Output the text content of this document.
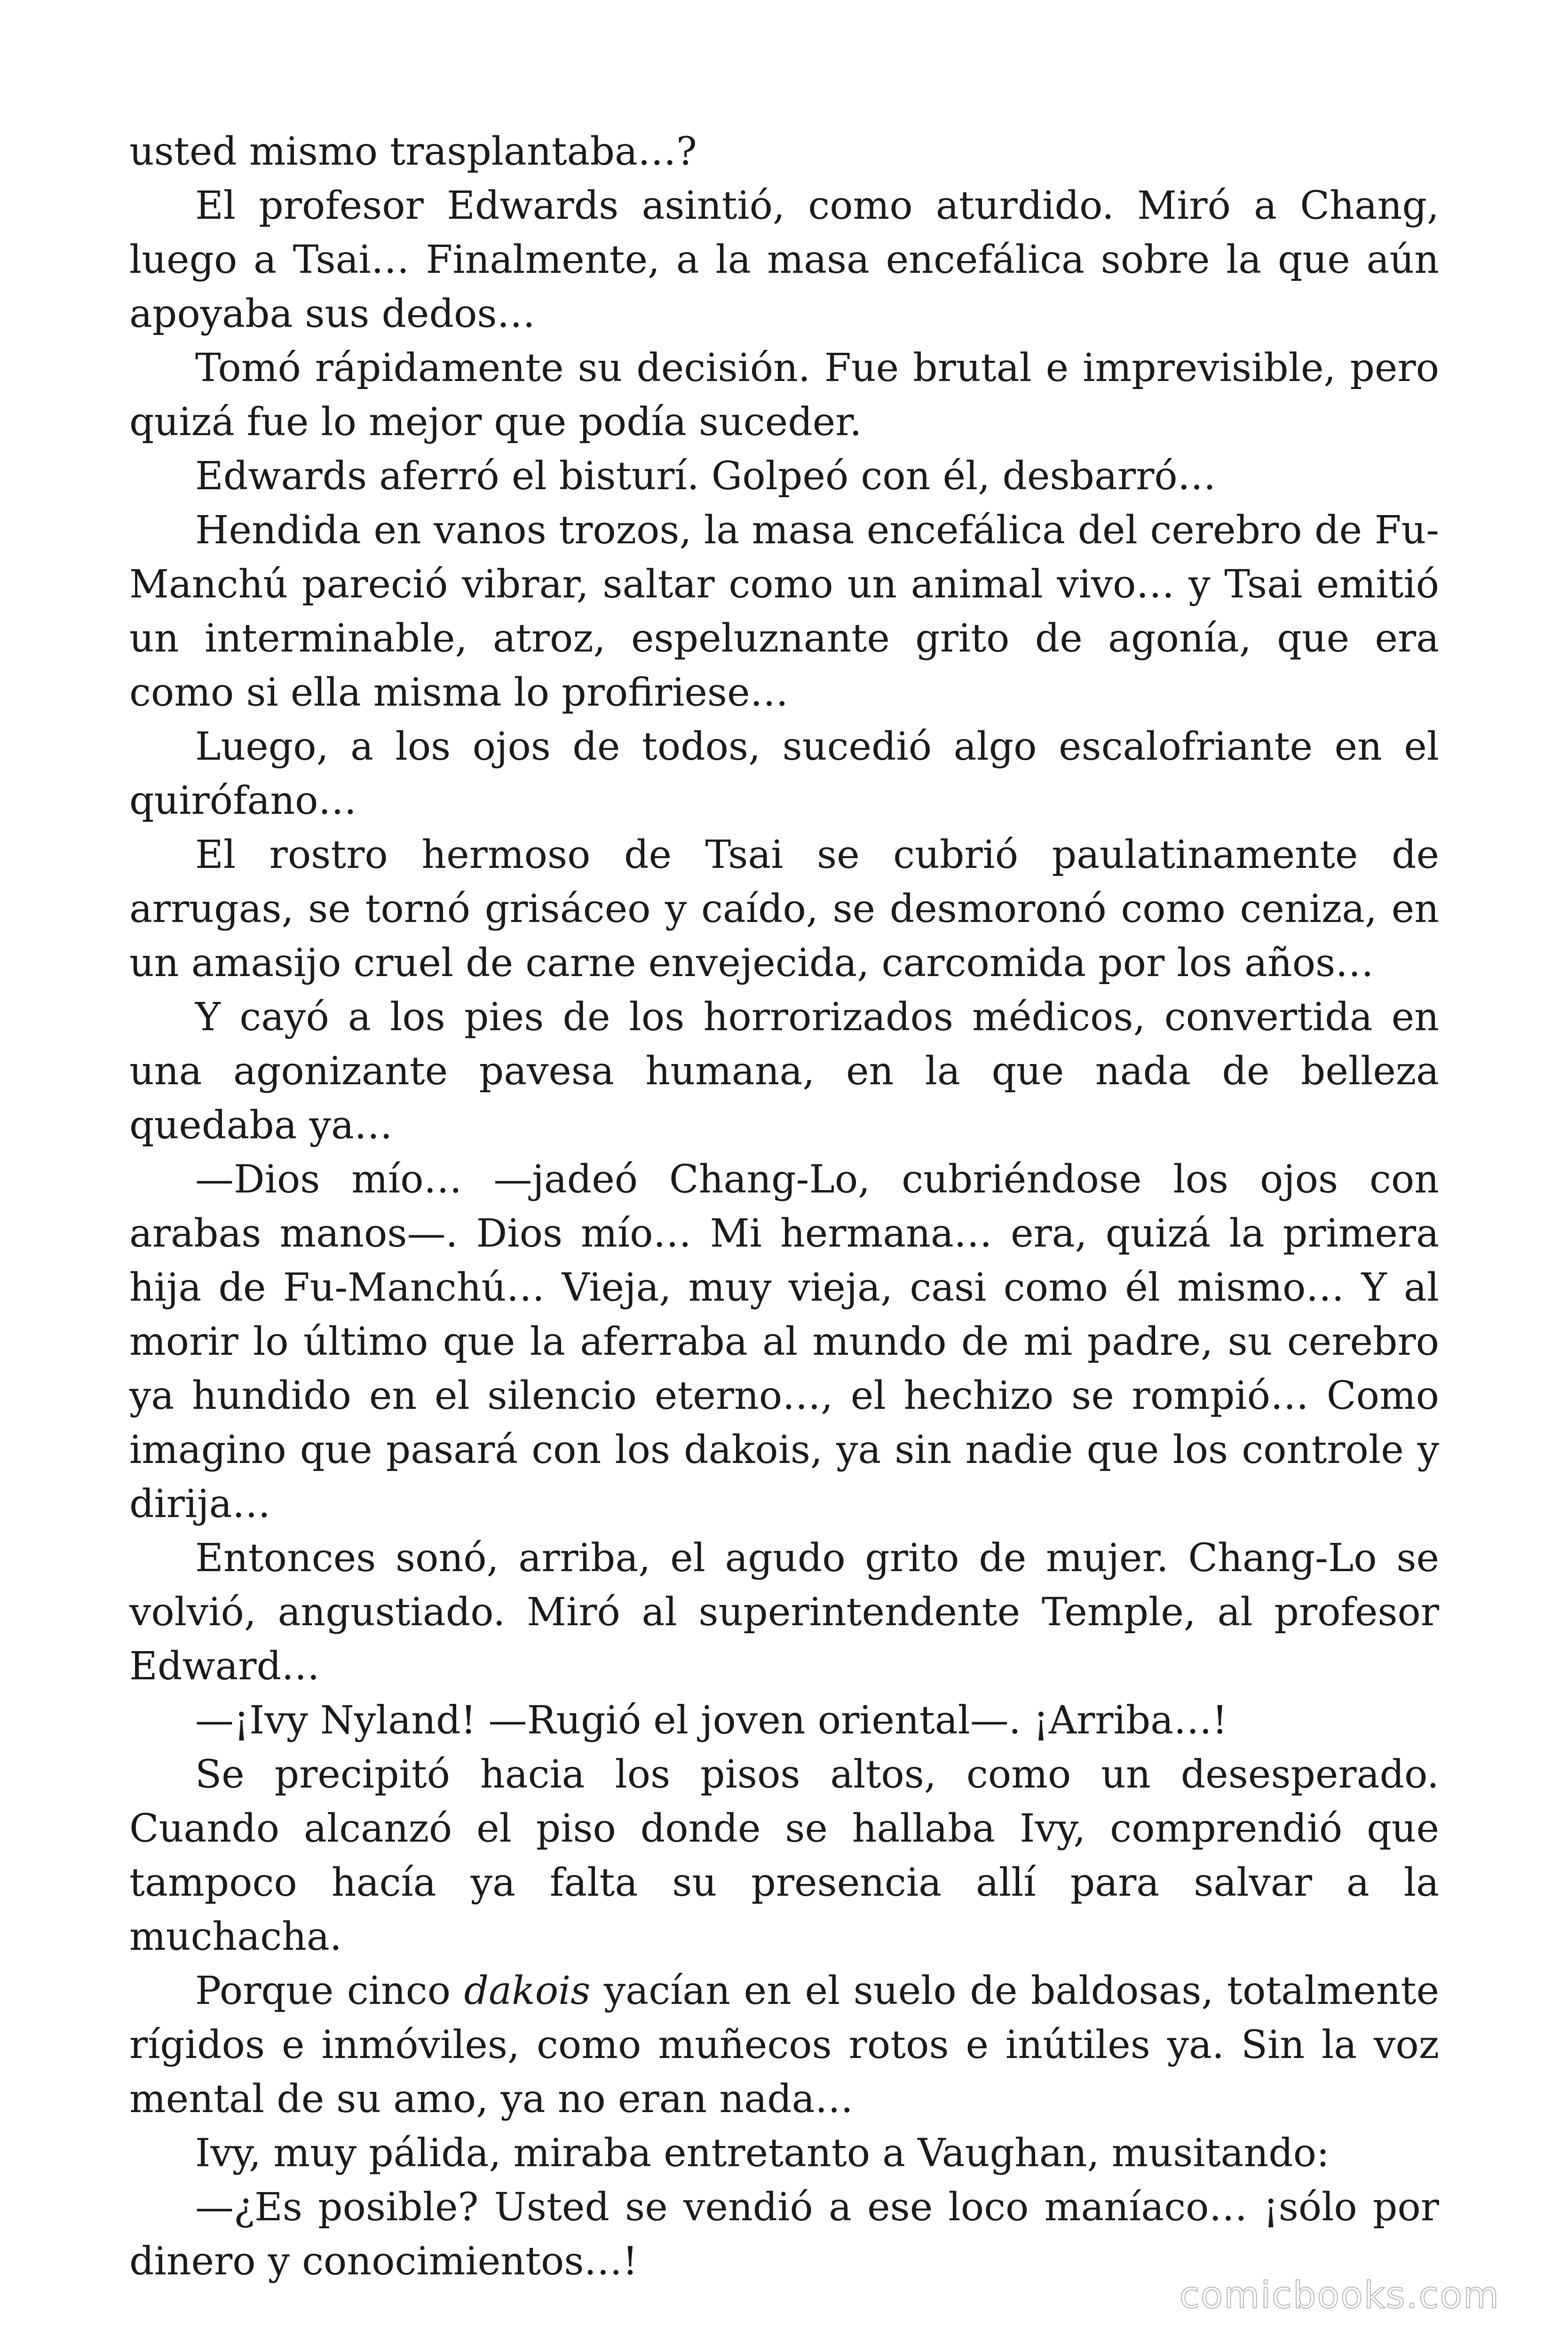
usted mismo trasplantaba…?

El profesor Edwards asintió, como aturdido. Miró a Chang, luego a Tsai… Finalmente, a la masa encefálica sobre la que aún apoyaba sus dedos…

Tomó rápidamente su decisión. Fue brutal e imprevisible, pero quizá fue lo mejor que podía suceder.

Edwards aferró el bisturí. Golpeó con él, desbarró…

Hendida en vanos trozos, la masa encefálica del cerebro de Fu-Manchú pareció vibrar, saltar como un animal vivo… y Tsai emitió un interminable, atroz, espeluznante grito de agonía, que era como si ella misma lo profiriese…

Luego, a los ojos de todos, sucedió algo escalofriante en el quirófano…

El rostro hermoso de Tsai se cubrió paulatinamente de arrugas, se tornó grisáceo y caído, se desmoronó como ceniza, en un amasijo cruel de carne envejecida, carcomida por los años…

Y cayó a los pies de los horrorizados médicos, convertida en una agonizante pavesa humana, en la que nada de belleza quedaba ya…

—Dios mío… —jadeó Chang-Lo, cubriéndose los ojos con arabas manos—. Dios mío… Mi hermana… era, quizá la primera hija de Fu-Manchú… Vieja, muy vieja, casi como él mismo… Y al morir lo último que la aferraba al mundo de mi padre, su cerebro ya hundido en el silencio eterno…, el hechizo se rompió… Como imagino que pasará con los dakois, ya sin nadie que los controle y dirija…

Entonces sonó, arriba, el agudo grito de mujer. Chang-Lo se volvió, angustiado. Miró al superintendente Temple, al profesor Edward…

—¡Ivy Nyland! —Rugió el joven oriental—. ¡Arriba…!

Se precipitó hacia los pisos altos, como un desesperado. Cuando alcanzó el piso donde se hallaba Ivy, comprendió que tampoco hacía ya falta su presencia allí para salvar a la muchacha.

Porque cinco dakois yacían en el suelo de baldosas, totalmente rígidos e inmóviles, como muñecos rotos e inútiles ya. Sin la voz mental de su amo, ya no eran nada…

Ivy, muy pálida, miraba entretanto a Vaughan, musitando:

—¿Es posible? Usted se vendió a ese loco maníaco… ¡sólo por dinero y conocimientos…!

comicbooks.com
